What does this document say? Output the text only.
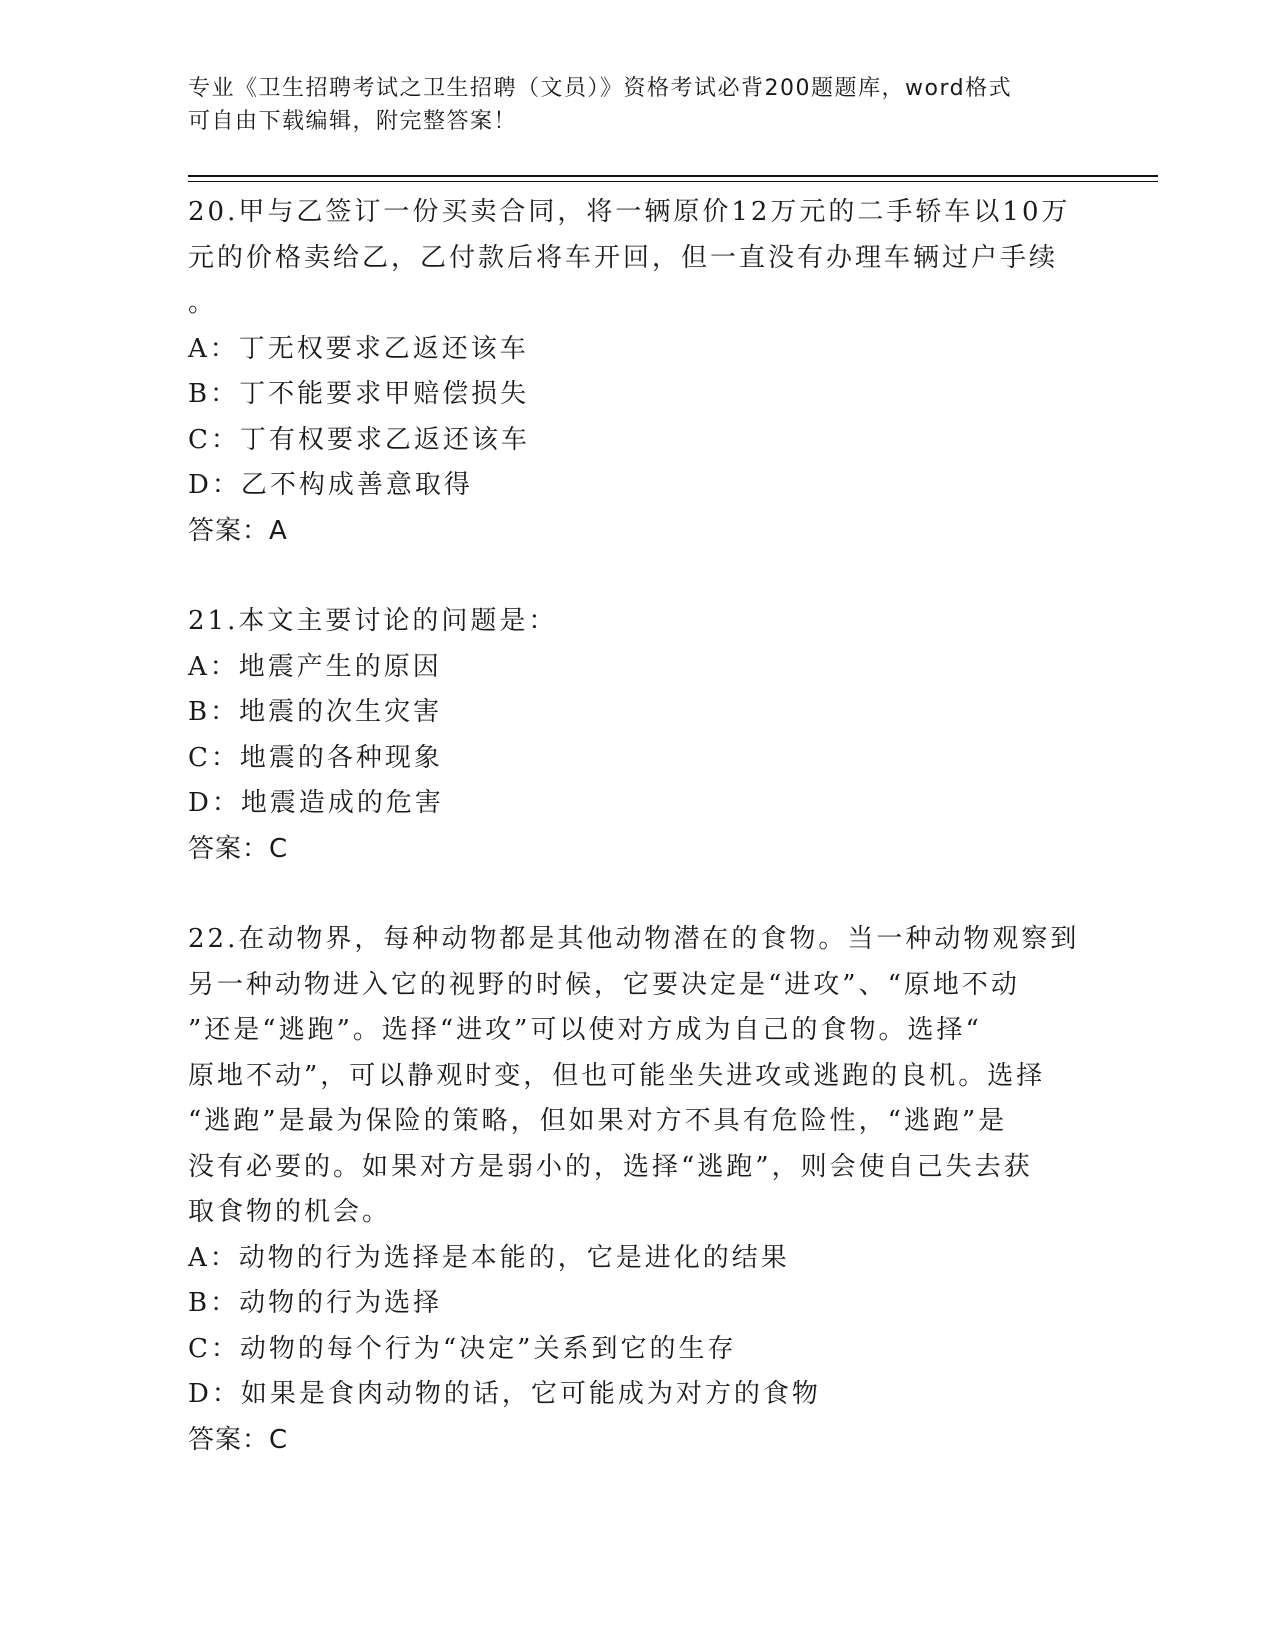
专业《卫生招聘考试之卫生招聘（文员）》资格考试必背200题题库，word格式
可自由下载编辑，附完整答案！
20.甲与乙签订一份买卖合同，将一辆原价12万元的二手轿车以10万
元的价格卖给乙，乙付款后将车开回，但一直没有办理车辆过户手续
。
A：丁无权要求乙返还该车
B：丁不能要求甲赔偿损失
C：丁有权要求乙返还该车
D：乙不构成善意取得
答案：A
21.本文主要讨论的问题是：
A：地震产生的原因
B：地震的次生灾害
C：地震的各种现象
D：地震造成的危害
答案：C
22.在动物界，每种动物都是其他动物潜在的食物。当一种动物观察到
另一种动物进入它的视野的时候，它要决定是“进攻”、“原地不动
”还是“逃跑”。选择“进攻”可以使对方成为自己的食物。选择“
原地不动”，可以静观时变，但也可能坐失进攻或逃跑的良机。选择
“逃跑”是最为保险的策略，但如果对方不具有危险性，“逃跑”是
没有必要的。如果对方是弱小的，选择“逃跑”，则会使自己失去获
取食物的机会。
A：动物的行为选择是本能的，它是进化的结果
B：动物的行为选择
C：动物的每个行为“决定”关系到它的生存
D：如果是食肉动物的话，它可能成为对方的食物
答案：C
